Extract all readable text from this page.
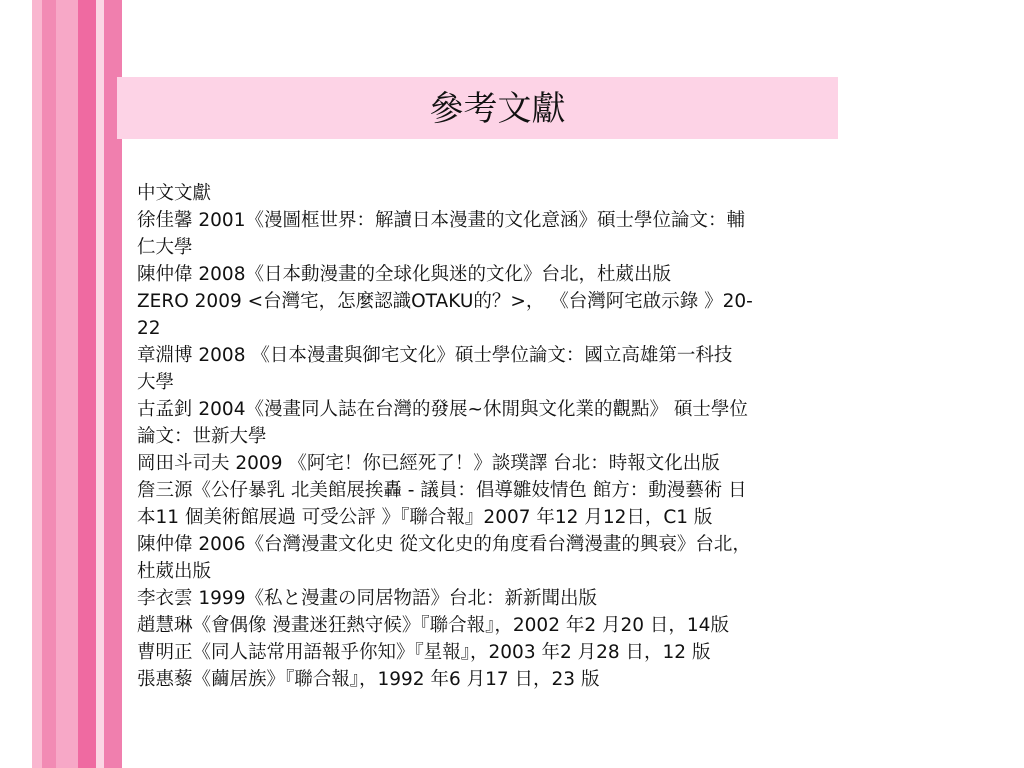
參考文獻
中文文獻
徐佳馨 2001《漫圖框世界：解讀日本漫畫的文化意涵》碩士學位論文：輔
仁大學
陳仲偉 2008《日本動漫畫的全球化與迷的文化》台北，杜葳出版
ZERO 2009 <台灣宅，怎麼認識OTAKU的？>， 《台灣阿宅啟示錄 》20-
22
章淵博 2008 《日本漫畫與御宅文化》碩士學位論文：國立高雄第一科技
大學
古孟釗 2004《漫畫同人誌在台灣的發展~休閒與文化業的觀點》 碩士學位
論文：世新大學
岡田斗司夫 2009 《阿宅！你已經死了！》談璞譯 台北：時報文化出版
詹三源《公仔暴乳 北美館展挨轟 - 議員：倡導雛妓情色 館方：動漫藝術 日
本11 個美術館展過 可受公評 》『聯合報』2007 年12 月12日，C1 版
陳仲偉 2006《台灣漫畫文化史 從文化史的角度看台灣漫畫的興衰》台北，
杜葳出版
李衣雲 1999《私と漫畫の同居物語》台北：新新聞出版
趙慧琳《會偶像 漫畫迷狂熱守候》『聯合報』，2002 年2 月20 日，14版
曹明正《同人誌常用語報乎你知》『星報』，2003 年2 月28 日，12 版
張惠藜《繭居族》『聯合報』，1992 年6 月17 日，23 版
